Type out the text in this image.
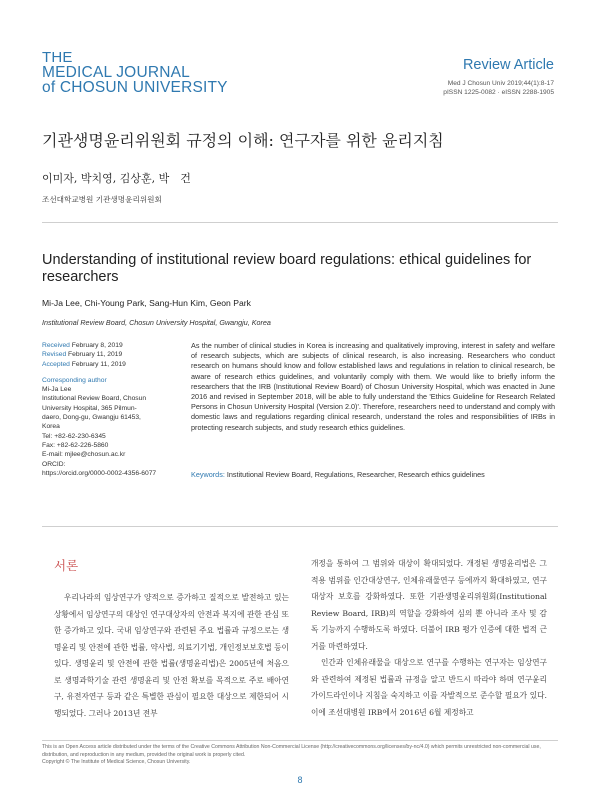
THE
MEDICAL JOURNAL
of CHOSUN UNIVERSITY
Review Article
Med J Chosun Univ 2019;44(1):8-17
pISSN 1225-0082 · eISSN 2288-1905
기관생명윤리위원회 규정의 이해: 연구자를 위한 윤리지침
이미자, 박치영, 김상훈, 박　건
조선대학교병원 기관생명윤리위원회
Understanding of institutional review board regulations: ethical guidelines for researchers
Mi-Ja Lee, Chi-Young Park, Sang-Hun Kim, Geon Park
Institutional Review Board, Chosun University Hospital, Gwangju, Korea
Received February 8, 2019
Revised February 11, 2019
Accepted February 11, 2019
Corresponding author
Mi-Ja Lee
Institutional Review Board, Chosun
University Hospital, 365 Pilmun-
daero, Dong-gu, Gwangju 61453,
Korea
Tel: +82-62-230-6345
Fax: +82-62-226-5860
E-mail: mjlee@chosun.ac.kr
ORCID:
https://orcid.org/0000-0002-4356-6077
As the number of clinical studies in Korea is increasing and qualitatively improving, interest in safety and welfare of research subjects, which are subjects of clinical research, is also increasing. Researchers who conduct research on humans should know and follow established laws and regulations in relation to clinical research, be aware of research ethics guidelines, and voluntarily comply with them. We would like to briefly inform the researchers that the IRB (Institutional Review Board) of Chosun University Hospital, which was enacted in June 2016 and revised in September 2018, will be able to fully understand the 'Ethics Guideline for Research Related Persons in Chosun University Hospital (Version 2.0)'. Therefore, researchers need to understand and comply with domestic laws and regulations regarding clinical research, understand the roles and responsibilities of IRBs in protecting research subjects, and study research ethics guidelines.
Keywords: Institutional Review Board, Regulations, Researcher, Research ethics guidelines
서론

우리나라의 임상연구가 양적으로 증가하고 질적으로 발전하고 있는 상황에서 임상연구의 대상인 연구대상자의 안전과 복지에 관한 관심 또한 증가하고 있다. 국내 임상연구와 관련된 주요 법률과 규정으로는 생명윤리 및 안전에 관한 법률, 약사법, 의료기기법, 개인정보보호법 등이 있다. 생명윤리 및 안전에 관한 법률(생명윤리법)은 2005년에 처음으로 생명과학기술 관련 생명윤리 및 안전 확보를 목적으로 주로 배아연구, 유전자연구 등과 같은 특별한 관심이 필요한 대상으로 제한되어 시행되었다. 그러나 2013년 전부

개정을 통하여 그 범위와 대상이 확대되었다. 개정된 생명윤리법은 그 적용 범위를 인간대상연구, 인체유래물연구 등에까지 확대하였고, 연구대상자 보호를 강화하였다. 또한 기관생명윤리위원회(Institutional Review Board, IRB)의 역할을 강화하여 심의 뿐 아니라 조사 및 감독 기능까지 수행하도록 하였다. 더불어 IRB 평가 인증에 대한 법적 근거를 마련하였다.

인간과 인체유래물을 대상으로 연구를 수행하는 연구자는 임상연구와 관련하여 제정된 법률과 규정을 알고 반드시 따라야 하며 연구윤리 가이드라인이나 지침을 숙지하고 이를 자발적으로 준수할 필요가 있다. 이에 조선대병원 IRB에서 2016년 6월 제정하고

This is an Open Access article distributed under the terms of the Creative Commons Attribution Non-Commercial License (http://creativecommons.org/licenses/by-nc/4.0) which permits unrestricted non-commercial use, distribution, and reproduction in any medium, provided the original work is properly cited.
Copyright © The Institute of Medical Science, Chosun University.
8
